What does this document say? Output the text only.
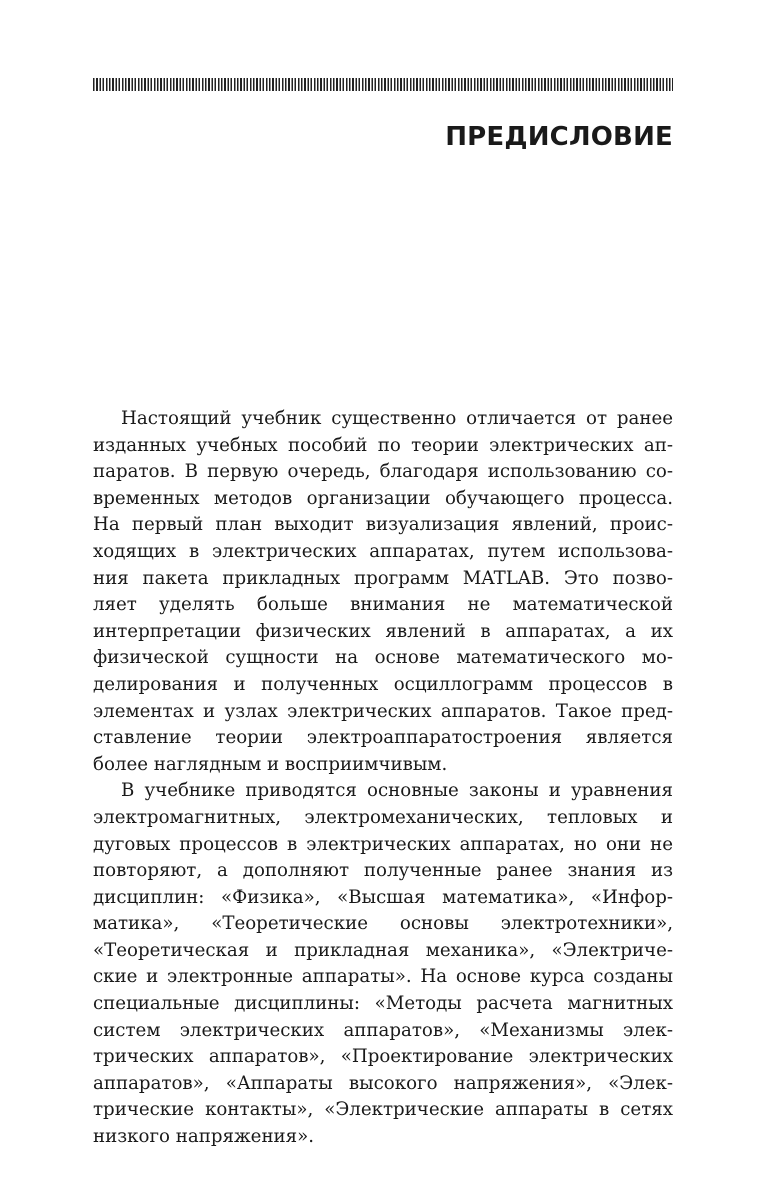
ПРЕДИСЛОВИЕ

Настоящий учебник существенно отличается от ранее
изданных учебных пособий по теории электрических ап-
паратов. В первую очередь, благодаря использованию со-
временных методов организации обучающего процесса.
На первый план выходит визуализация явлений, проис-
ходящих в электрических аппаратах, путем использова-
ния пакета прикладных программ MATLAB. Это позво-
ляет уделять больше внимания не математической
интерпретации физических явлений в аппаратах, а их
физической сущности на основе математического мо-
делирования и полученных осциллограмм процессов в
элементах и узлах электрических аппаратов. Такое пред-
ставление теории электроаппаратостроения является
более наглядным и восприимчивым.

В учебнике приводятся основные законы и уравнения
электромагнитных, электромеханических, тепловых и
дуговых процессов в электрических аппаратах, но они не
повторяют, а дополняют полученные ранее знания из
дисциплин: «Физика», «Высшая математика», «Инфор-
матика», «Теоретические основы электротехники»,
«Теоретическая и прикладная механика», «Электриче-
ские и электронные аппараты». На основе курса созданы
специальные дисциплины: «Методы расчета магнитных
систем электрических аппаратов», «Механизмы элек-
трических аппаратов», «Проектирование электрических
аппаратов», «Аппараты высокого напряжения», «Элек-
трические контакты», «Электрические аппараты в сетях
низкого напряжения».
